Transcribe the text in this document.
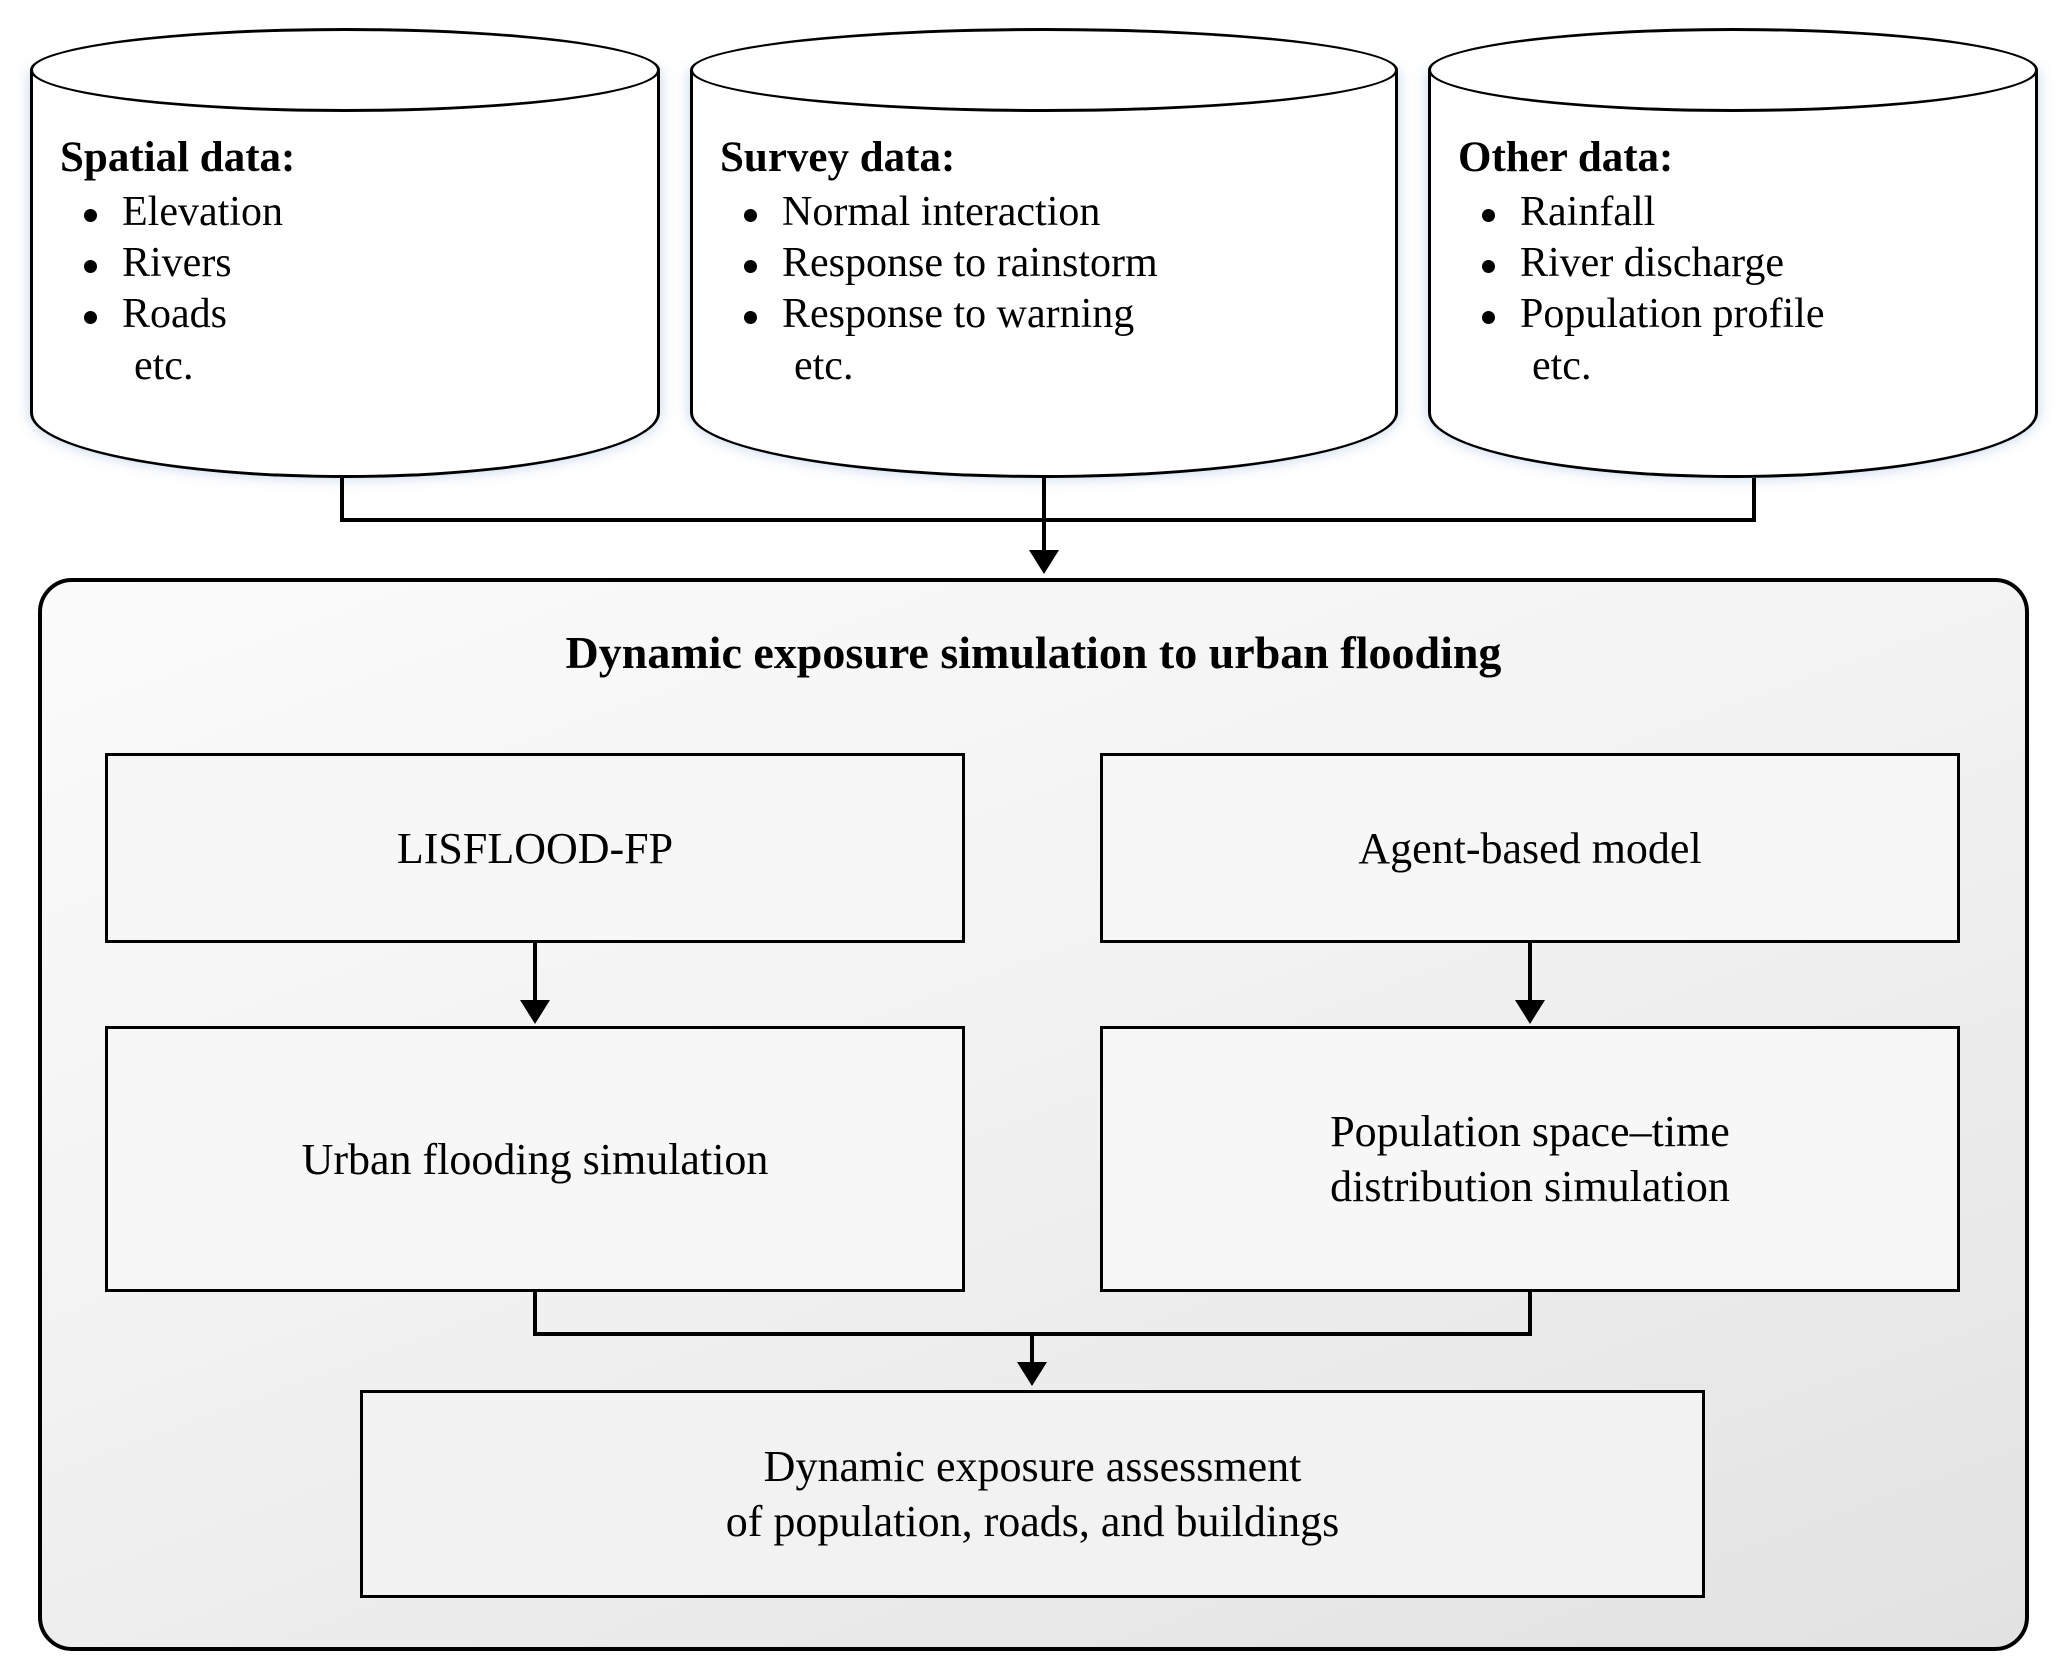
Spatial data:
Elevation
Rivers
Roads
etc.
Survey data:
Normal interaction
Response to rainstorm
Response to warning
etc.
Other data:
Rainfall
River discharge
Population profile
etc.
Dynamic exposure simulation to urban flooding
LISFLOOD-FP	Agent-based model
Urban flooding simulation
Population space–time
distribution simulation
Dynamic exposure assessment
of population, roads, and buildings
